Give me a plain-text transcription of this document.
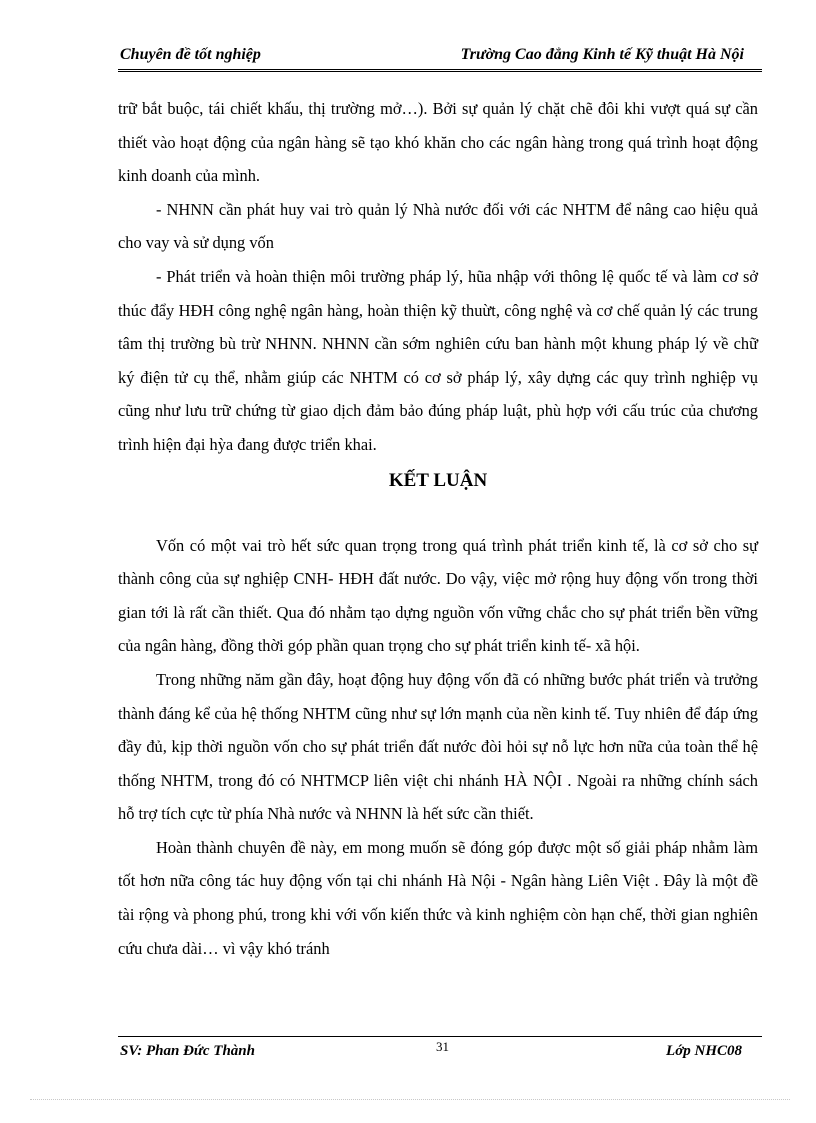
Chuyên đề tốt nghiệp	Trường Cao đẳng Kinh tế Kỹ thuật Hà Nội

trữ bắt buộc, tái chiết khấu, thị trường mở…). Bởi sự quản lý chặt chẽ đôi khi vượt quá sự cần thiết vào hoạt động của ngân hàng sẽ tạo khó khăn cho các ngân hàng trong quá trình hoạt động kinh doanh của mình.

- NHNN cần phát huy vai trò quản lý Nhà nước đối với các NHTM để nâng cao hiệu quả cho vay và sử dụng vốn

- Phát triển và hoàn thiện môi trường pháp lý, hũa nhập với thông lệ quốc tế và làm cơ sở thúc đẩy HĐH công nghệ ngân hàng, hoàn thiện kỹ thuừt, công nghệ và cơ chế quản lý các trung tâm thị trường bù trừ NHNN. NHNN cần sớm nghiên cứu ban hành một khung pháp lý về chữ ký điện tử cụ thể, nhằm giúp các NHTM có cơ sở pháp lý, xây dựng các quy trình nghiệp vụ cũng như lưu trữ chứng từ giao dịch đảm bảo đúng pháp luật, phù hợp với cấu trúc của chương trình hiện đại hỳa đang được triển khai.

KẾT LUẬN

Vốn có một vai trò hết sức quan trọng trong quá trình phát triển kinh tế, là cơ sở cho sự thành công của sự nghiệp CNH- HĐH đất nước. Do vậy, việc mở rộng huy động vốn trong thời gian tới là rất cần thiết. Qua đó nhằm tạo dựng nguồn vốn vững chắc cho sự phát triển bền vững của ngân hàng, đồng thời góp phần quan trọng cho sự phát triển kinh tế- xã hội.

Trong những năm gần đây, hoạt động huy động vốn đã có những bước phát triển và trưởng thành đáng kể của hệ thống NHTM cũng như sự lớn mạnh của nền kinh tế. Tuy nhiên để đáp ứng đầy đủ, kịp thời nguồn vốn cho sự phát triển đất nước đòi hỏi sự nỗ lực hơn nữa của toàn thể hệ thống NHTM, trong đó có NHTMCP liên việt chi nhánh HÀ NỘI . Ngoài ra những chính sách hỗ trợ tích cực từ phía Nhà nước và NHNN là hết sức cần thiết.

Hoàn thành chuyên đề này, em mong muốn sẽ đóng góp được một số giải pháp nhằm làm tốt hơn nữa công tác huy động vốn tại chi nhánh Hà Nội - Ngân hàng Liên Việt . Đây là một đề tài rộng và phong phú, trong khi với vốn kiến thức và kinh nghiệm còn hạn chế, thời gian nghiên cứu chưa dài… vì vậy khó tránh

SV: Phan Đức Thành	31	Lớp NHC08
